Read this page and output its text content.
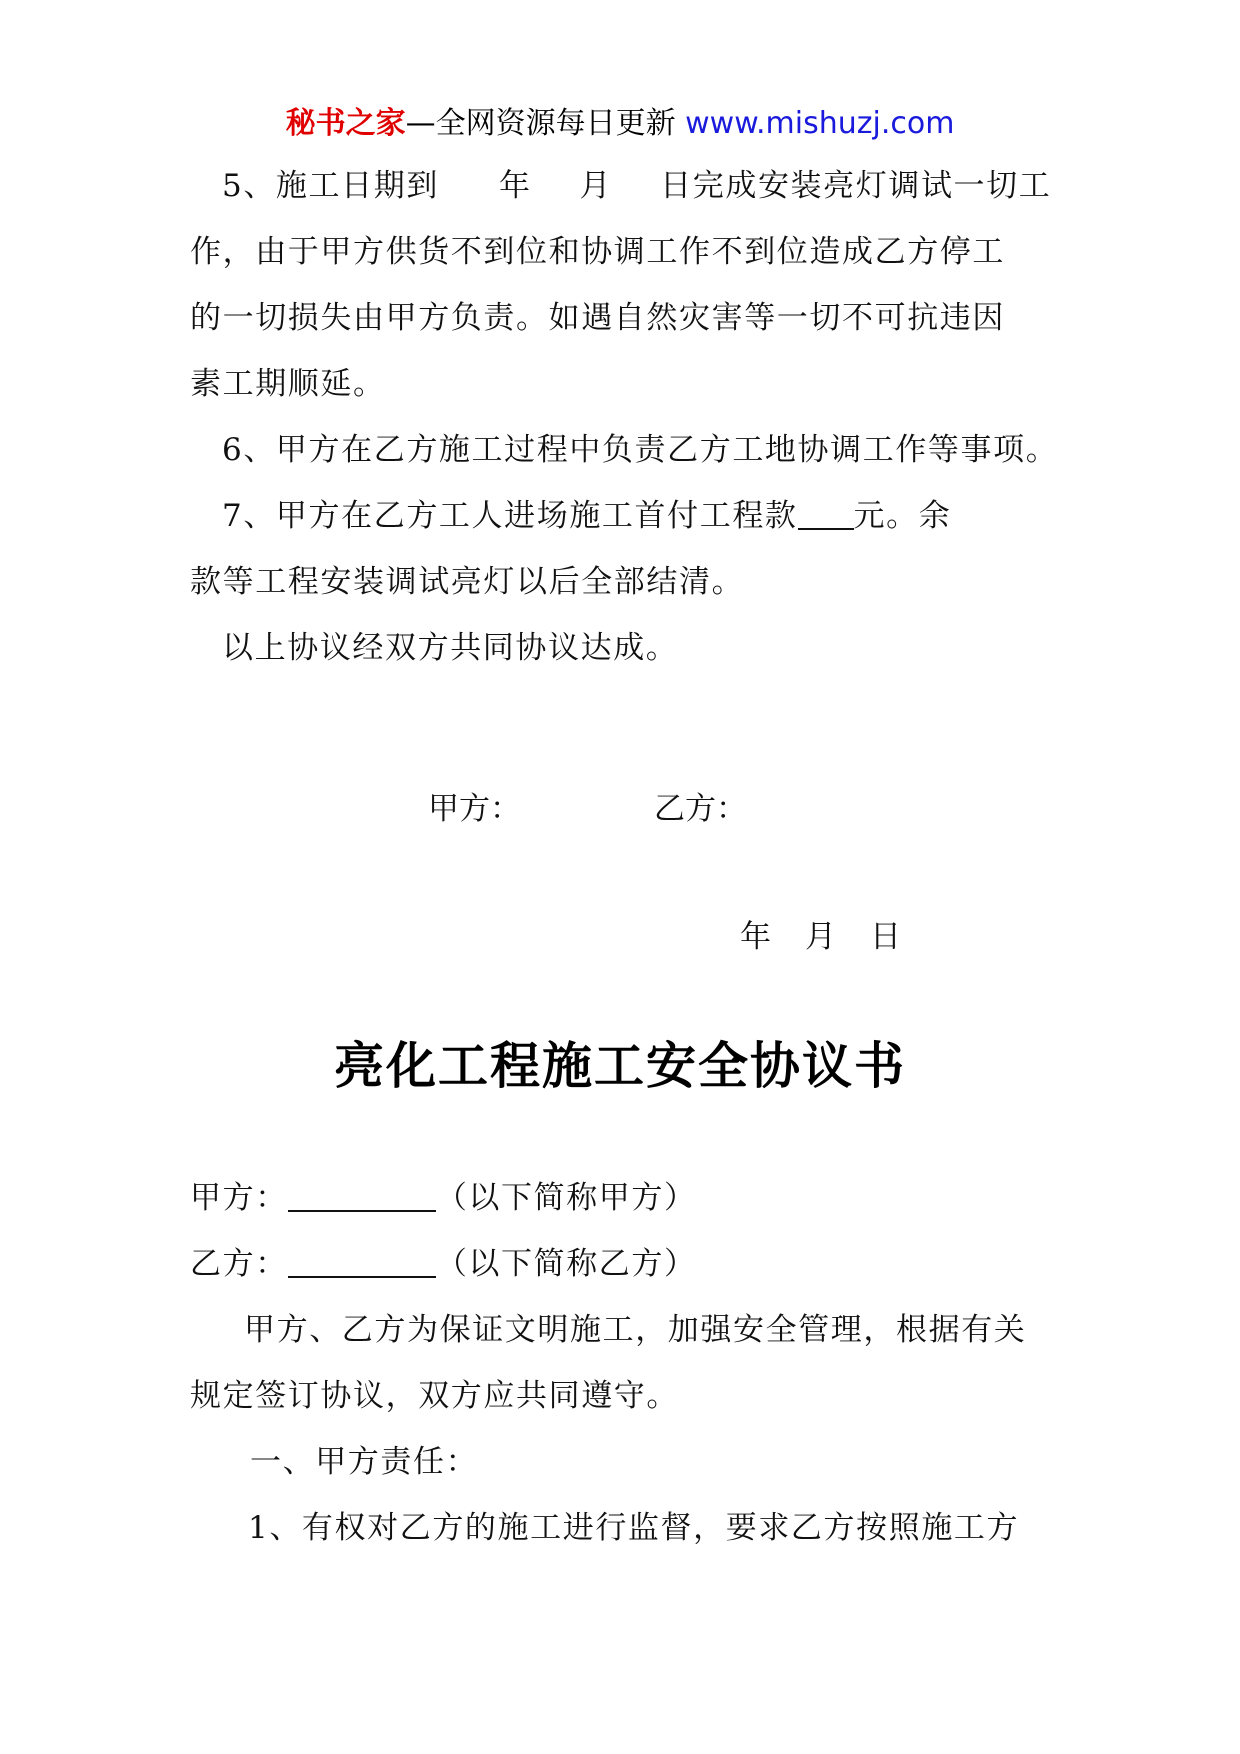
秘书之家—全网资源每日更新 www.mishuzj.com
5、施工日期到 年 月 日完成安装亮灯调试一切工
作，由于甲方供货不到位和协调工作不到位造成乙方停工
的一切损失由甲方负责。如遇自然灾害等一切不可抗违因
素工期顺延。
6、甲方在乙方施工过程中负责乙方工地协调工作等事项。
7、甲方在乙方工人进场施工首付工程款 元。余
款等工程安装调试亮灯以后全部结清。
以上协议经双方共同协议达成。
甲方：	乙方：
年 月 日
亮化工程施工安全协议书
甲方：	（以下简称甲方）
乙方：	（以下简称乙方）
甲方、乙方为保证文明施工，加强安全管理，根据有关
规定签订协议，双方应共同遵守。
一、甲方责任：
1、有权对乙方的施工进行监督，要求乙方按照施工方
